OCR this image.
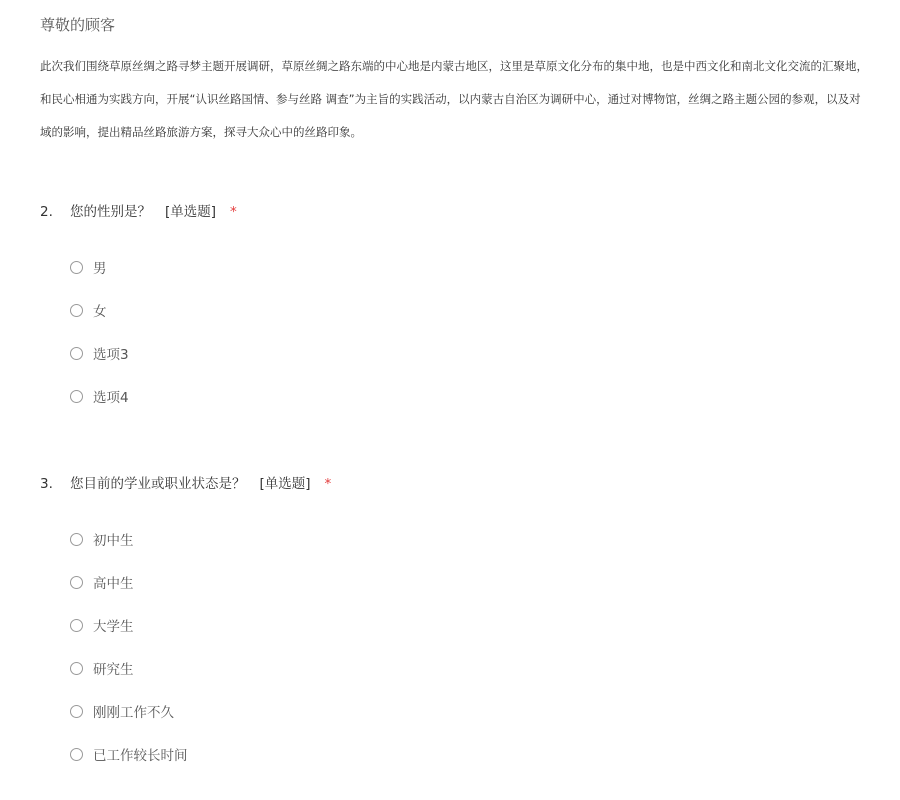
尊敬的顾客
此次我们围绕草原丝绸之路寻梦主题开展调研，草原丝绸之路东端的中心地是内蒙古地区，这里是草原文化分布的集中地，也是中西文化和南北文化交流的汇聚地，
和民心相通为实践方向，开展“认识丝路国情、参与丝路 调查”为主旨的实践活动，以内蒙古自治区为调研中心，通过对博物馆，丝绸之路主题公园的参观，以及对
域的影响，提出精品丝路旅游方案，探寻大众心中的丝路印象。
2. 您的性别是？ [单选题] *
男
女
选项3
选项4
3. 您目前的学业或职业状态是？ [单选题] *
初中生
高中生
大学生
研究生
刚刚工作不久
已工作较长时间
